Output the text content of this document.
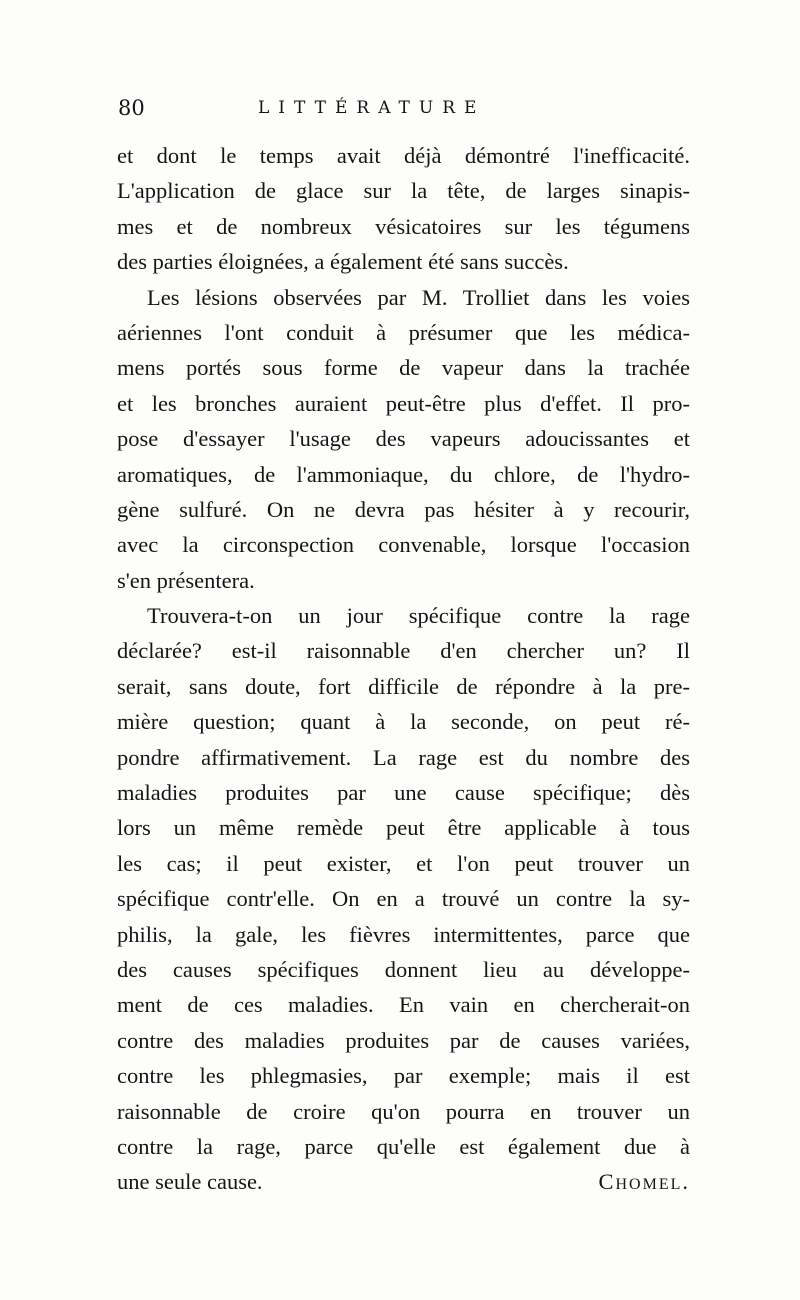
80	LITTÉRATURE
et dont le temps avait déjà démontré l'inefficacité.
L'application de glace sur la tête, de larges sinapis-
mes et de nombreux vésicatoires sur les tégumens
des parties éloignées, a également été sans succès.
Les lésions observées par M. Trolliet dans les voies
aériennes l'ont conduit à présumer que les médica-
mens portés sous forme de vapeur dans la trachée
et les bronches auraient peut-être plus d'effet. Il pro-
pose d'essayer l'usage des vapeurs adoucissantes et
aromatiques, de l'ammoniaque, du chlore, de l'hydro-
gène sulfuré. On ne devra pas hésiter à y recourir,
avec la circonspection convenable, lorsque l'occasion
s'en présentera.
Trouvera-t-on un jour spécifique contre la rage
déclarée? est-il raisonnable d'en chercher un? Il
serait, sans doute, fort difficile de répondre à la pre-
mière question; quant à la seconde, on peut ré-
pondre affirmativement. La rage est du nombre des
maladies produites par une cause spécifique; dès
lors un même remède peut être applicable à tous
les cas; il peut exister, et l'on peut trouver un
spécifique contr'elle. On en a trouvé un contre la sy-
philis, la gale, les fièvres intermittentes, parce que
des causes spécifiques donnent lieu au développe-
ment de ces maladies. En vain en chercherait-on
contre des maladies produites par de causes variées,
contre les phlegmasies, par exemple; mais il est
raisonnable de croire qu'on pourra en trouver un
contre la rage, parce qu'elle est également due à
une seule cause.	Chomel.
